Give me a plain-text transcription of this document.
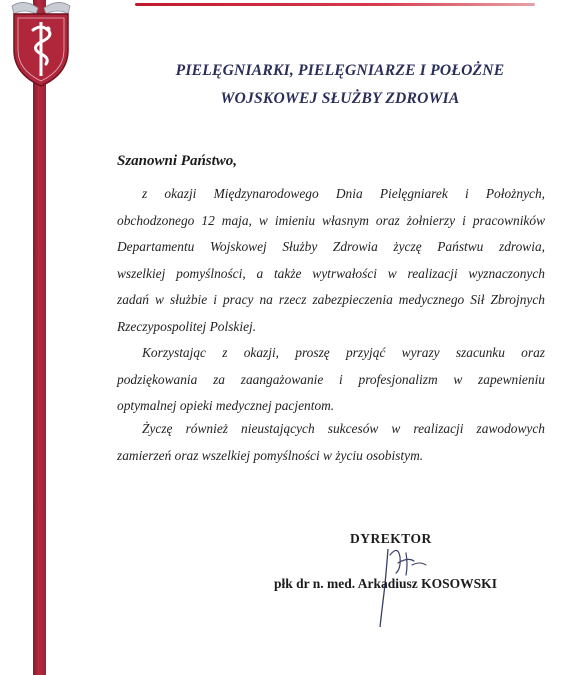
PIELĘGNIARKI, PIELĘGNIARZE I POŁOŻNE
WOJSKOWEJ SŁUŻBY ZDROWIA
Szanowni Państwo,
z okazji Międzynarodowego Dnia Pielęgniarek i Położnych,
obchodzonego 12 maja, w imieniu własnym oraz żołnierzy i pracowników
Departamentu Wojskowej Służby Zdrowia życzę Państwu zdrowia,
wszelkiej pomyślności, a także wytrwałości w realizacji wyznaczonych
zadań w służbie i pracy na rzecz zabezpieczenia medycznego Sił Zbrojnych
Rzeczypospolitej Polskiej.
Korzystając z okazji, proszę przyjąć wyrazy szacunku oraz
podziękowania za zaangażowanie i profesjonalizm w zapewnieniu
optymalnej opieki medycznej pacjentom.
Życzę również nieustających sukcesów w realizacji zawodowych
zamierzeń oraz wszelkiej pomyślności w życiu osobistym.
DYREKTOR
płk dr n. med. Arkadiusz KOSOWSKI
